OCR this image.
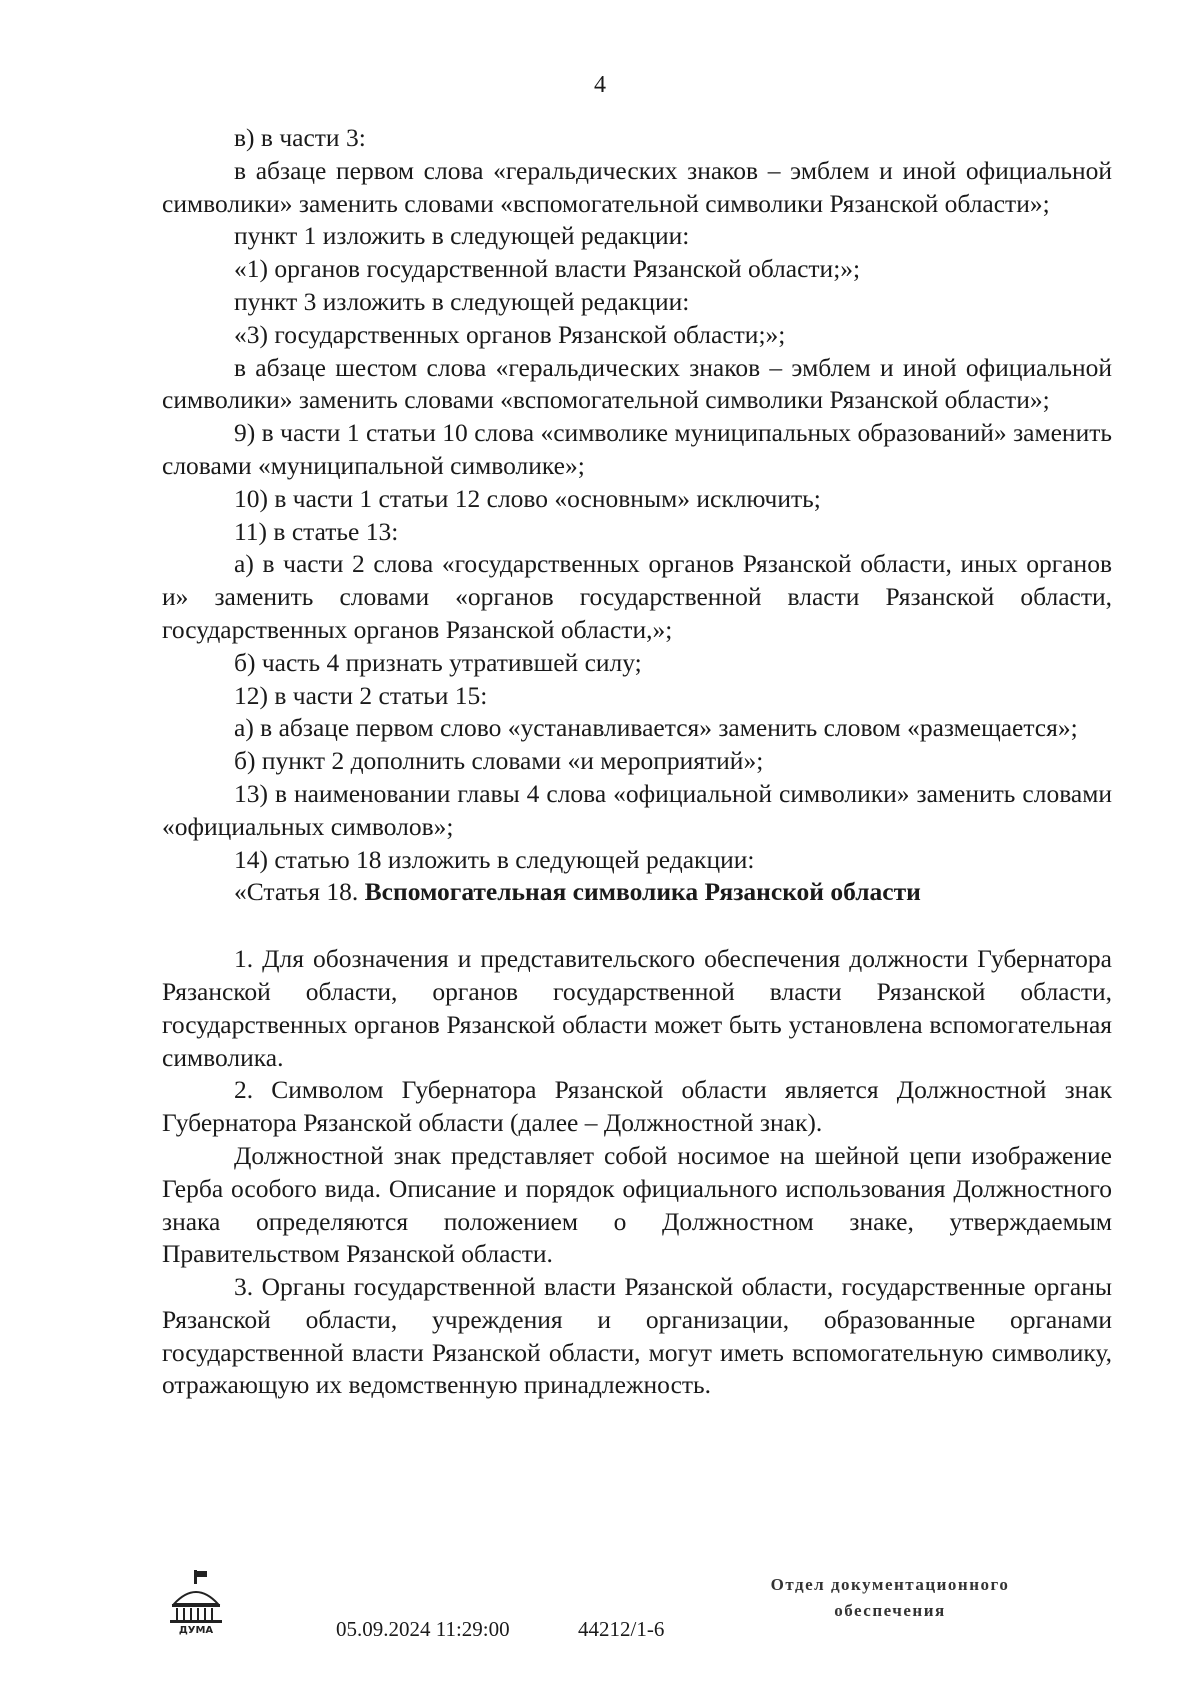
4

в) в части 3:

в абзаце первом слова «геральдических знаков – эмблем и иной официальной символики» заменить словами «вспомогательной символики Рязанской области»;

пункт 1 изложить в следующей редакции:

«1) органов государственной власти Рязанской области;»;

пункт 3 изложить в следующей редакции:

«3) государственных органов Рязанской области;»;

в абзаце шестом слова «геральдических знаков – эмблем и иной официальной символики» заменить словами «вспомогательной символики Рязанской области»;

9) в части 1 статьи 10 слова «символике муниципальных образований» заменить словами «муниципальной символике»;

10) в части 1 статьи 12 слово «основным» исключить;

11) в статье 13:

а) в части 2 слова «государственных органов Рязанской области, иных органов и» заменить словами «органов государственной власти Рязанской области, государственных органов Рязанской области,»;

б) часть 4 признать утратившей силу;

12) в части 2 статьи 15:

а) в абзаце первом слово «устанавливается» заменить словом «размещается»;

б) пункт 2 дополнить словами «и мероприятий»;

13) в наименовании главы 4 слова «официальной символики» заменить словами «официальных символов»;

14) статью 18 изложить в следующей редакции:

«Статья 18. Вспомогательная символика Рязанской области

1. Для обозначения и представительского обеспечения должности Губернатора Рязанской области, органов государственной власти Рязанской области, государственных органов Рязанской области может быть установлена вспомогательная символика.

2. Символом Губернатора Рязанской области является Должностной знак Губернатора Рязанской области (далее – Должностной знак).

Должностной знак представляет собой носимое на шейной цепи изображение Герба особого вида. Описание и порядок официального использования Должностного знака определяются положением о Должностном знаке, утверждаемым Правительством Рязанской области.

3. Органы государственной власти Рязанской области, государственные органы Рязанской области, учреждения и организации, образованные органами государственной власти Рязанской области, могут иметь вспомогательную символику, отражающую их ведомственную принадлежность.

ДУМА	05.09.2024 11:29:00	44212/1-6
Отдел документационного
обеспечения
